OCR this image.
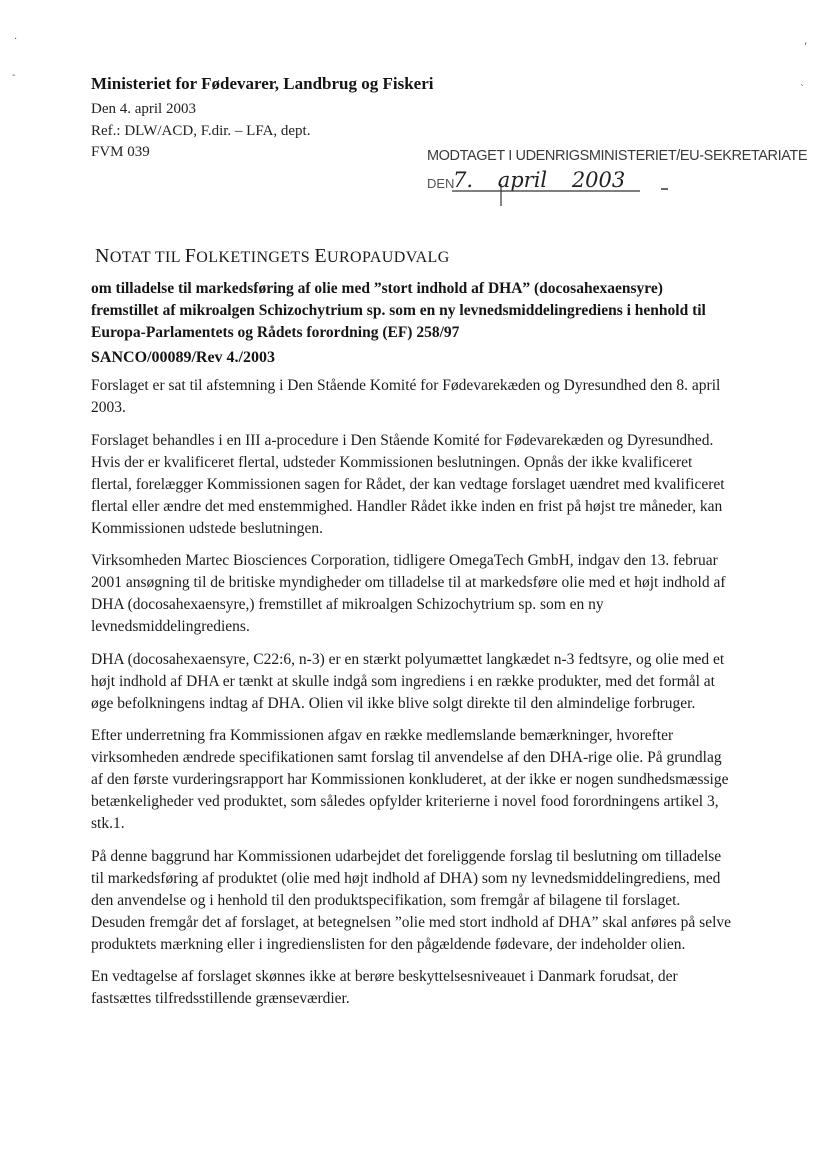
·
-
,
`

Ministeriet for Fødevarer, Landbrug og Fiskeri

Den 4. april 2003

Ref.: DLW/ACD, F.dir. – LFA, dept.

FVM 039	MODTAGET I UDENRIGSMINISTERIET/EU-SEKRETARIATE
DEN
7. april 2003
NOTAT TIL FOLKETINGETS EUROPAUDVALG

om tilladelse til markedsføring af olie med ”stort indhold af DHA” (docosahexaensyre) fremstillet af mikroalgen Schizochytrium sp. som en ny levnedsmiddelingrediens i henhold til Europa-Parlamentets og Rådets forordning (EF) 258/97

SANCO/00089/Rev 4./2003

Forslaget er sat til afstemning i Den Stående Komité for Fødevarekæden og Dyresundhed den 8. april 2003.

Forslaget behandles i en III a-procedure i Den Stående Komité for Fødevarekæden og Dyresundhed. Hvis der er kvalificeret flertal, udsteder Kommissionen beslutningen. Opnås der ikke kvalificeret flertal, forelægger Kommissionen sagen for Rådet, der kan vedtage forslaget uændret med kvalificeret flertal eller ændre det med enstemmighed. Handler Rådet ikke inden en frist på højst tre måneder, kan Kommissionen udstede beslutningen.

Virksomheden Martec Biosciences Corporation, tidligere OmegaTech GmbH, indgav den 13. februar 2001 ansøgning til de britiske myndigheder om tilladelse til at markedsføre olie med et højt indhold af DHA (docosahexaensyre,) fremstillet af mikroalgen Schizochytrium sp. som en ny levnedsmiddelingrediens.

DHA (docosahexaensyre, C22:6, n-3) er en stærkt polyumættet langkædet n-3 fedtsyre, og olie med et højt indhold af DHA er tænkt at skulle indgå som ingrediens i en række produkter, med det formål at øge befolkningens indtag af DHA. Olien vil ikke blive solgt direkte til den almindelige forbruger.

Efter underretning fra Kommissionen afgav en række medlemslande bemærkninger, hvorefter virksomheden ændrede specifikationen samt forslag til anvendelse af den DHA-rige olie. På grundlag af den første vurderingsrapport har Kommissionen konkluderet, at der ikke er nogen sundhedsmæssige betænkeligheder ved produktet, som således opfylder kriterierne i novel food forordningens artikel 3, stk.1.

På denne baggrund har Kommissionen udarbejdet det foreliggende forslag til beslutning om tilladelse til markedsføring af produktet (olie med højt indhold af DHA) som ny levnedsmiddelingrediens, med den anvendelse og i henhold til den produktspecifikation, som fremgår af bilagene til forslaget. Desuden fremgår det af forslaget, at betegnelsen ”olie med stort indhold af DHA” skal anføres på selve produktets mærkning eller i ingredienslisten for den pågældende fødevare, der indeholder olien.

En vedtagelse af forslaget skønnes ikke at berøre beskyttelsesniveauet i Danmark forudsat, der fastsættes tilfredsstillende grænseværdier.
